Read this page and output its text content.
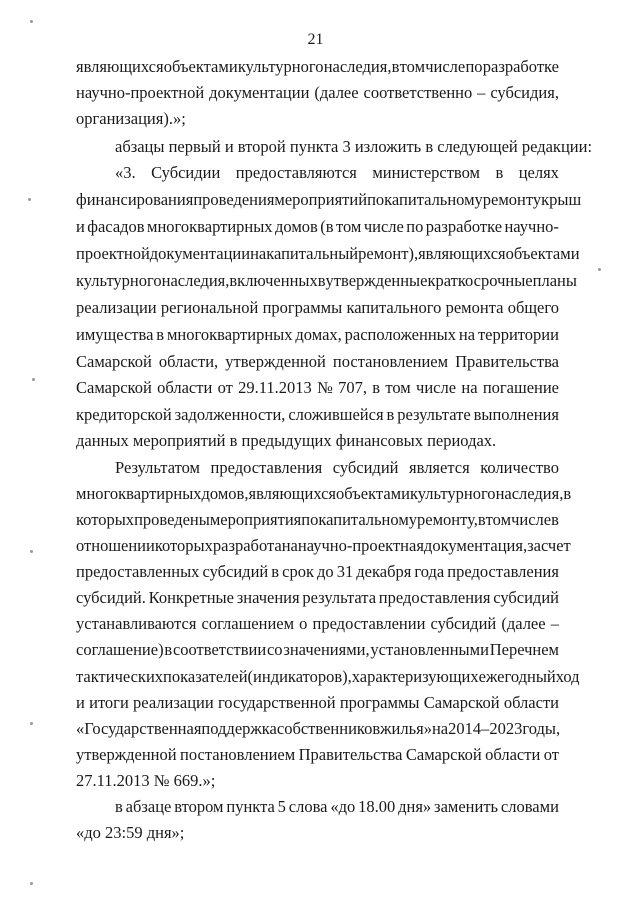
21
являющихся объектами культурного наследия, в том числе по разработке
научно-проектной документации (далее соответственно – субсидия,
организация).»;
абзацы первый и второй пункта 3 изложить в следующей редакции:
«3. Субсидии предоставляются министерством в целях
финансирования проведения мероприятий по капитальному ремонту крыш
и фасадов многоквартирных домов (в том числе по разработке научно-
проектной документации на капитальный ремонт), являющихся объектами
культурного наследия, включенных в утвержденные краткосрочные планы
реализации региональной программы капитального ремонта общего
имущества в многоквартирных домах, расположенных на территории
Самарской области, утвержденной постановлением Правительства
Самарской области от 29.11.2013 № 707, в том числе на погашение
кредиторской задолженности, сложившейся в результате выполнения
данных мероприятий в предыдущих финансовых периодах.
Результатом предоставления субсидий является количество
многоквартирных домов, являющихся объектами культурного наследия, в
которых проведены мероприятия по капитальному ремонту, в том числе в
отношении которых разработана научно-проектная документация, за счет
предоставленных субсидий в срок до 31 декабря года предоставления
субсидий. Конкретные значения результата предоставления субсидий
устанавливаются соглашением о предоставлении субсидий (далее –
соглашение) в соответствии со значениями, установленными Перечнем
тактических показателей (индикаторов), характеризующих ежегодный ход
и итоги реализации государственной программы Самарской области
«Государственная поддержка собственников жилья» на 2014 – 2023 годы,
утвержденной постановлением Правительства Самарской области от
27.11.2013 № 669.»;
в абзаце втором пункта 5 слова «до 18.00 дня» заменить словами
«до 23:59 дня»;
